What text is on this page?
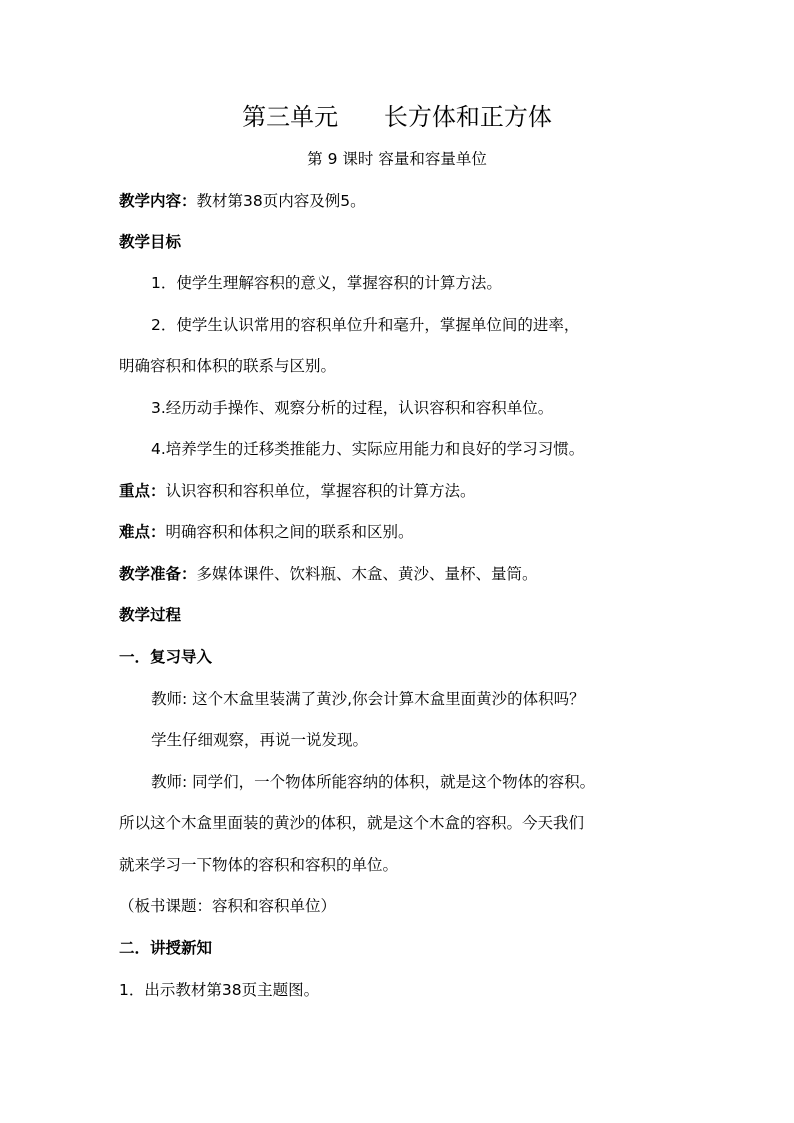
第三单元      长方体和正方体
第 9 课时 容量和容量单位
教学内容：教材第38页内容及例5。
教学目标
1．使学生理解容积的意义，掌握容积的计算方法。
2．使学生认识常用的容积单位升和毫升，掌握单位间的进率，
明确容积和体积的联系与区别。
3.经历动手操作、观察分析的过程，认识容积和容积单位。
4.培养学生的迁移类推能力、实际应用能力和良好的学习习惯。
重点：认识容积和容积单位，掌握容积的计算方法。
难点：明确容积和体积之间的联系和区别。
教学准备：多媒体课件、饮料瓶、木盒、黄沙、量杯、量筒。
教学过程
一．复习导入
教师: 这个木盒里装满了黄沙,你会计算木盒里面黄沙的体积吗？
学生仔细观察，再说一说发现。
教师: 同学们，一个物体所能容纳的体积，就是这个物体的容积。
所以这个木盒里面装的黄沙的体积，就是这个木盒的容积。今天我们
就来学习一下物体的容积和容积的单位。
（板书课题：容积和容积单位）
二．讲授新知
1．出示教材第38页主题图。
